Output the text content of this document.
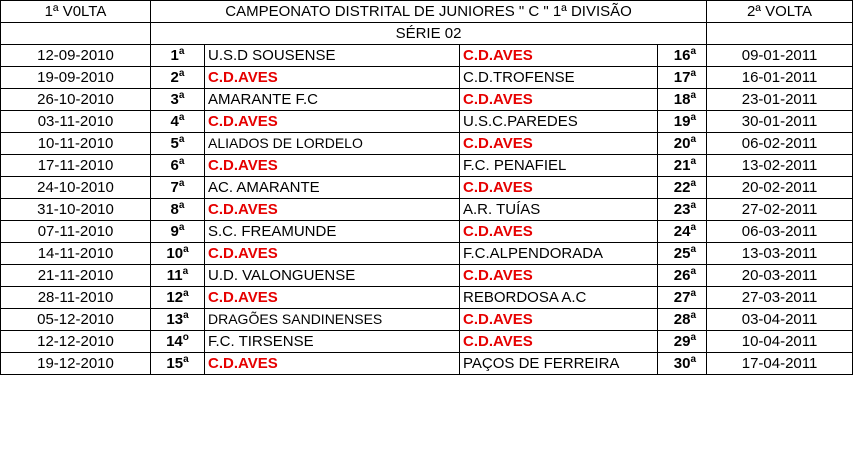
1ª V0LTA	CAMPEONATO DISTRITAL DE JUNIORES " C " 1ª DIVISÃO				2ª VOLTA
	SÉRIE 02				
12-09-2010	1$^a$	U.S.D SOUSENSE	C.D.AVES	16$^a$	09-01-2011
19-09-2010	2$^a$	C.D.AVES	C.D.TROFENSE	17$^a$	16-01-2011
26-10-2010	3$^a$	AMARANTE F.C	C.D.AVES	18$^a$	23-01-2011
03-11-2010	4$^a$	C.D.AVES	U.S.C.PAREDES	19$^a$	30-01-2011
10-11-2010	5$^a$	ALIADOS DE LORDELO	C.D.AVES	20$^a$	06-02-2011
17-11-2010	6$^a$	C.D.AVES	F.C. PENAFIEL	21$^a$	13-02-2011
24-10-2010	7$^a$	AC. AMARANTE	C.D.AVES	22$^a$	20-02-2011
31-10-2010	8$^a$	C.D.AVES	A.R. TUÍAS	23$^a$	27-02-2011
07-11-2010	9$^a$	S.C. FREAMUNDE	C.D.AVES	24$^a$	06-03-2011
14-11-2010	10$^a$	C.D.AVES	F.C.ALPENDORADA	25$^a$	13-03-2011
21-11-2010	11$^a$	U.D. VALONGUENSE	C.D.AVES	26$^a$	20-03-2011
28-11-2010	12$^a$	C.D.AVES	REBORDOSA A.C	27$^a$	27-03-2011
05-12-2010	13$^a$	DRAGÕES SANDINENSES	C.D.AVES	28$^a$	03-04-2011
12-12-2010	14$^o$	F.C. TIRSENSE	C.D.AVES	29$^a$	10-04-2011
19-12-2010	15$^a$	C.D.AVES	PAÇOS DE FERREIRA	30$^a$	17-04-2011
